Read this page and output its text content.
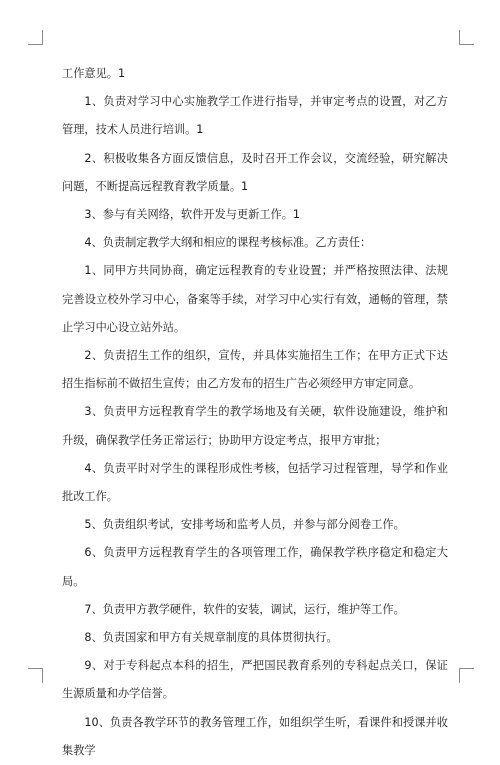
工作意见。1

1、负责对学习中心实施教学工作进行指导，并审定考点的设置，对乙方管理，技术人员进行培训。1

2、积极收集各方面反馈信息，及时召开工作会议，交流经验，研究解决问题，不断提高远程教育教学质量。1

3、参与有关网络，软件开发与更新工作。1

4、负责制定教学大纲和相应的课程考核标准。乙方责任：

1、同甲方共同协商，确定远程教育的专业设置；并严格按照法律、法规完善设立校外学习中心，备案等手续，对学习中心实行有效，通畅的管理，禁止学习中心设立站外站。

2、负责招生工作的组织，宣传，并具体实施招生工作；在甲方正式下达招生指标前不做招生宣传；由乙方发布的招生广告必须经甲方审定同意。

3、负责甲方远程教育学生的教学场地及有关硬，软件设施建设，维护和升级，确保教学任务正常运行；协助甲方设定考点，报甲方审批；

4、负责平时对学生的课程形成性考核，包括学习过程管理，导学和作业批改工作。

5、负责组织考试，安排考场和监考人员，并参与部分阅卷工作。

6、负责甲方远程教育学生的各项管理工作，确保教学秩序稳定和稳定大局。

7、负责甲方教学硬件，软件的安装，调试，运行，维护等工作。

8、负责国家和甲方有关规章制度的具体贯彻执行。

9、对于专科起点本科的招生，严把国民教育系列的专科起点关口，保证生源质量和办学信誉。

10、负责各教学环节的教务管理工作，如组织学生听，看课件和授课并收集教学
